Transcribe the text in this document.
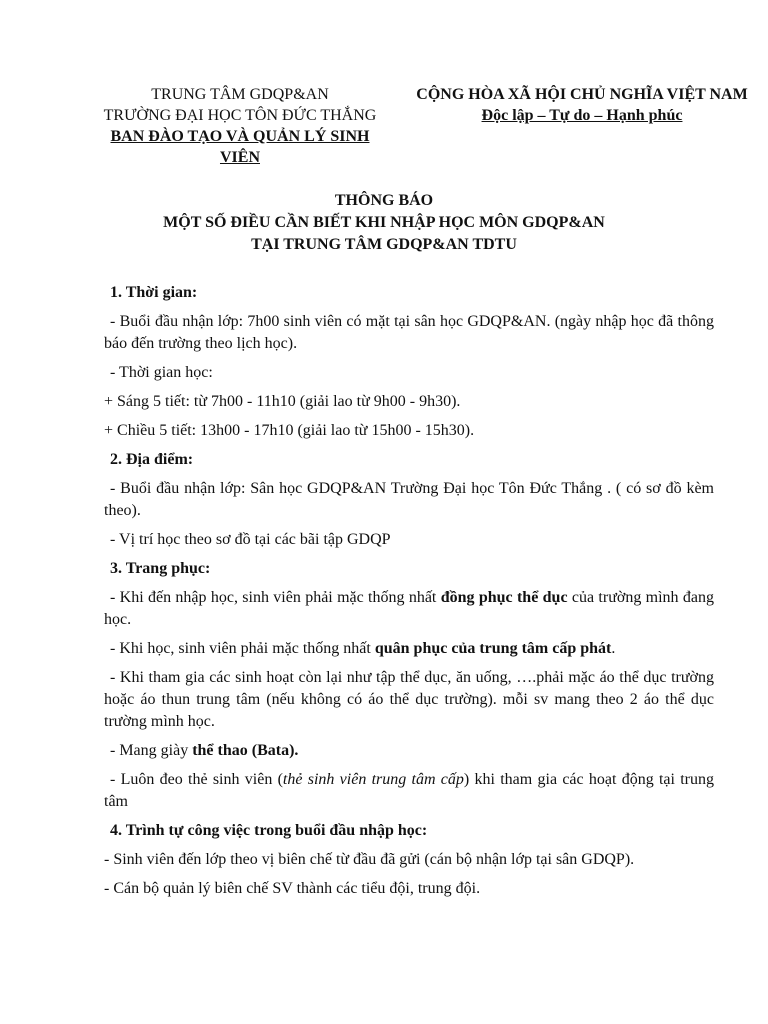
TRUNG TÂM GDQP&AN
TRƯỜNG ĐẠI HỌC TÔN ĐỨC THẮNG
BAN ĐÀO TẠO VÀ QUẢN LÝ SINH VIÊN
CỘNG HÒA XÃ HỘI CHỦ NGHĨA VIỆT NAM
Độc lập – Tự do – Hạnh phúc
THÔNG BÁO
MỘT SỐ ĐIỀU CẦN BIẾT KHI NHẬP HỌC MÔN GDQP&AN
TẠI TRUNG TÂM GDQP&AN TDTU

1. Thời gian:

- Buổi đầu nhận lớp: 7h00 sinh viên có mặt tại sân học GDQP&AN. (ngày nhập học đã thông báo đến trường theo lịch học).

- Thời gian học:

+ Sáng 5 tiết: từ 7h00 - 11h10 (giải lao từ 9h00 - 9h30).

+ Chiều 5 tiết: 13h00 - 17h10 (giải lao từ 15h00 - 15h30).

2. Địa điểm:

- Buổi đầu nhận lớp: Sân học GDQP&AN Trường Đại học Tôn Đức Thắng . ( có sơ đồ kèm theo).

- Vị trí học theo sơ đồ tại các bãi tập GDQP

3. Trang phục:

- Khi đến nhập học, sinh viên phải mặc thống nhất đồng phục thể dục của trường mình đang học.

- Khi học, sinh viên phải mặc thống nhất quân phục của trung tâm cấp phát.

- Khi tham gia các sinh hoạt còn lại như tập thể dục, ăn uống, ….phải mặc áo thể dục trường hoặc áo thun trung tâm (nếu không có áo thể dục trường). mỗi sv mang theo 2 áo thể dục trường mình học.

- Mang giày thể thao (Bata).

- Luôn đeo thẻ sinh viên (thẻ sinh viên trung tâm cấp) khi tham gia các hoạt động tại trung tâm

4. Trình tự công việc trong buổi đầu nhập học:

- Sinh viên đến lớp theo vị biên chế từ đầu đã gửi (cán bộ nhận lớp tại sân GDQP).

- Cán bộ quản lý biên chế SV thành các tiểu đội, trung đội.
